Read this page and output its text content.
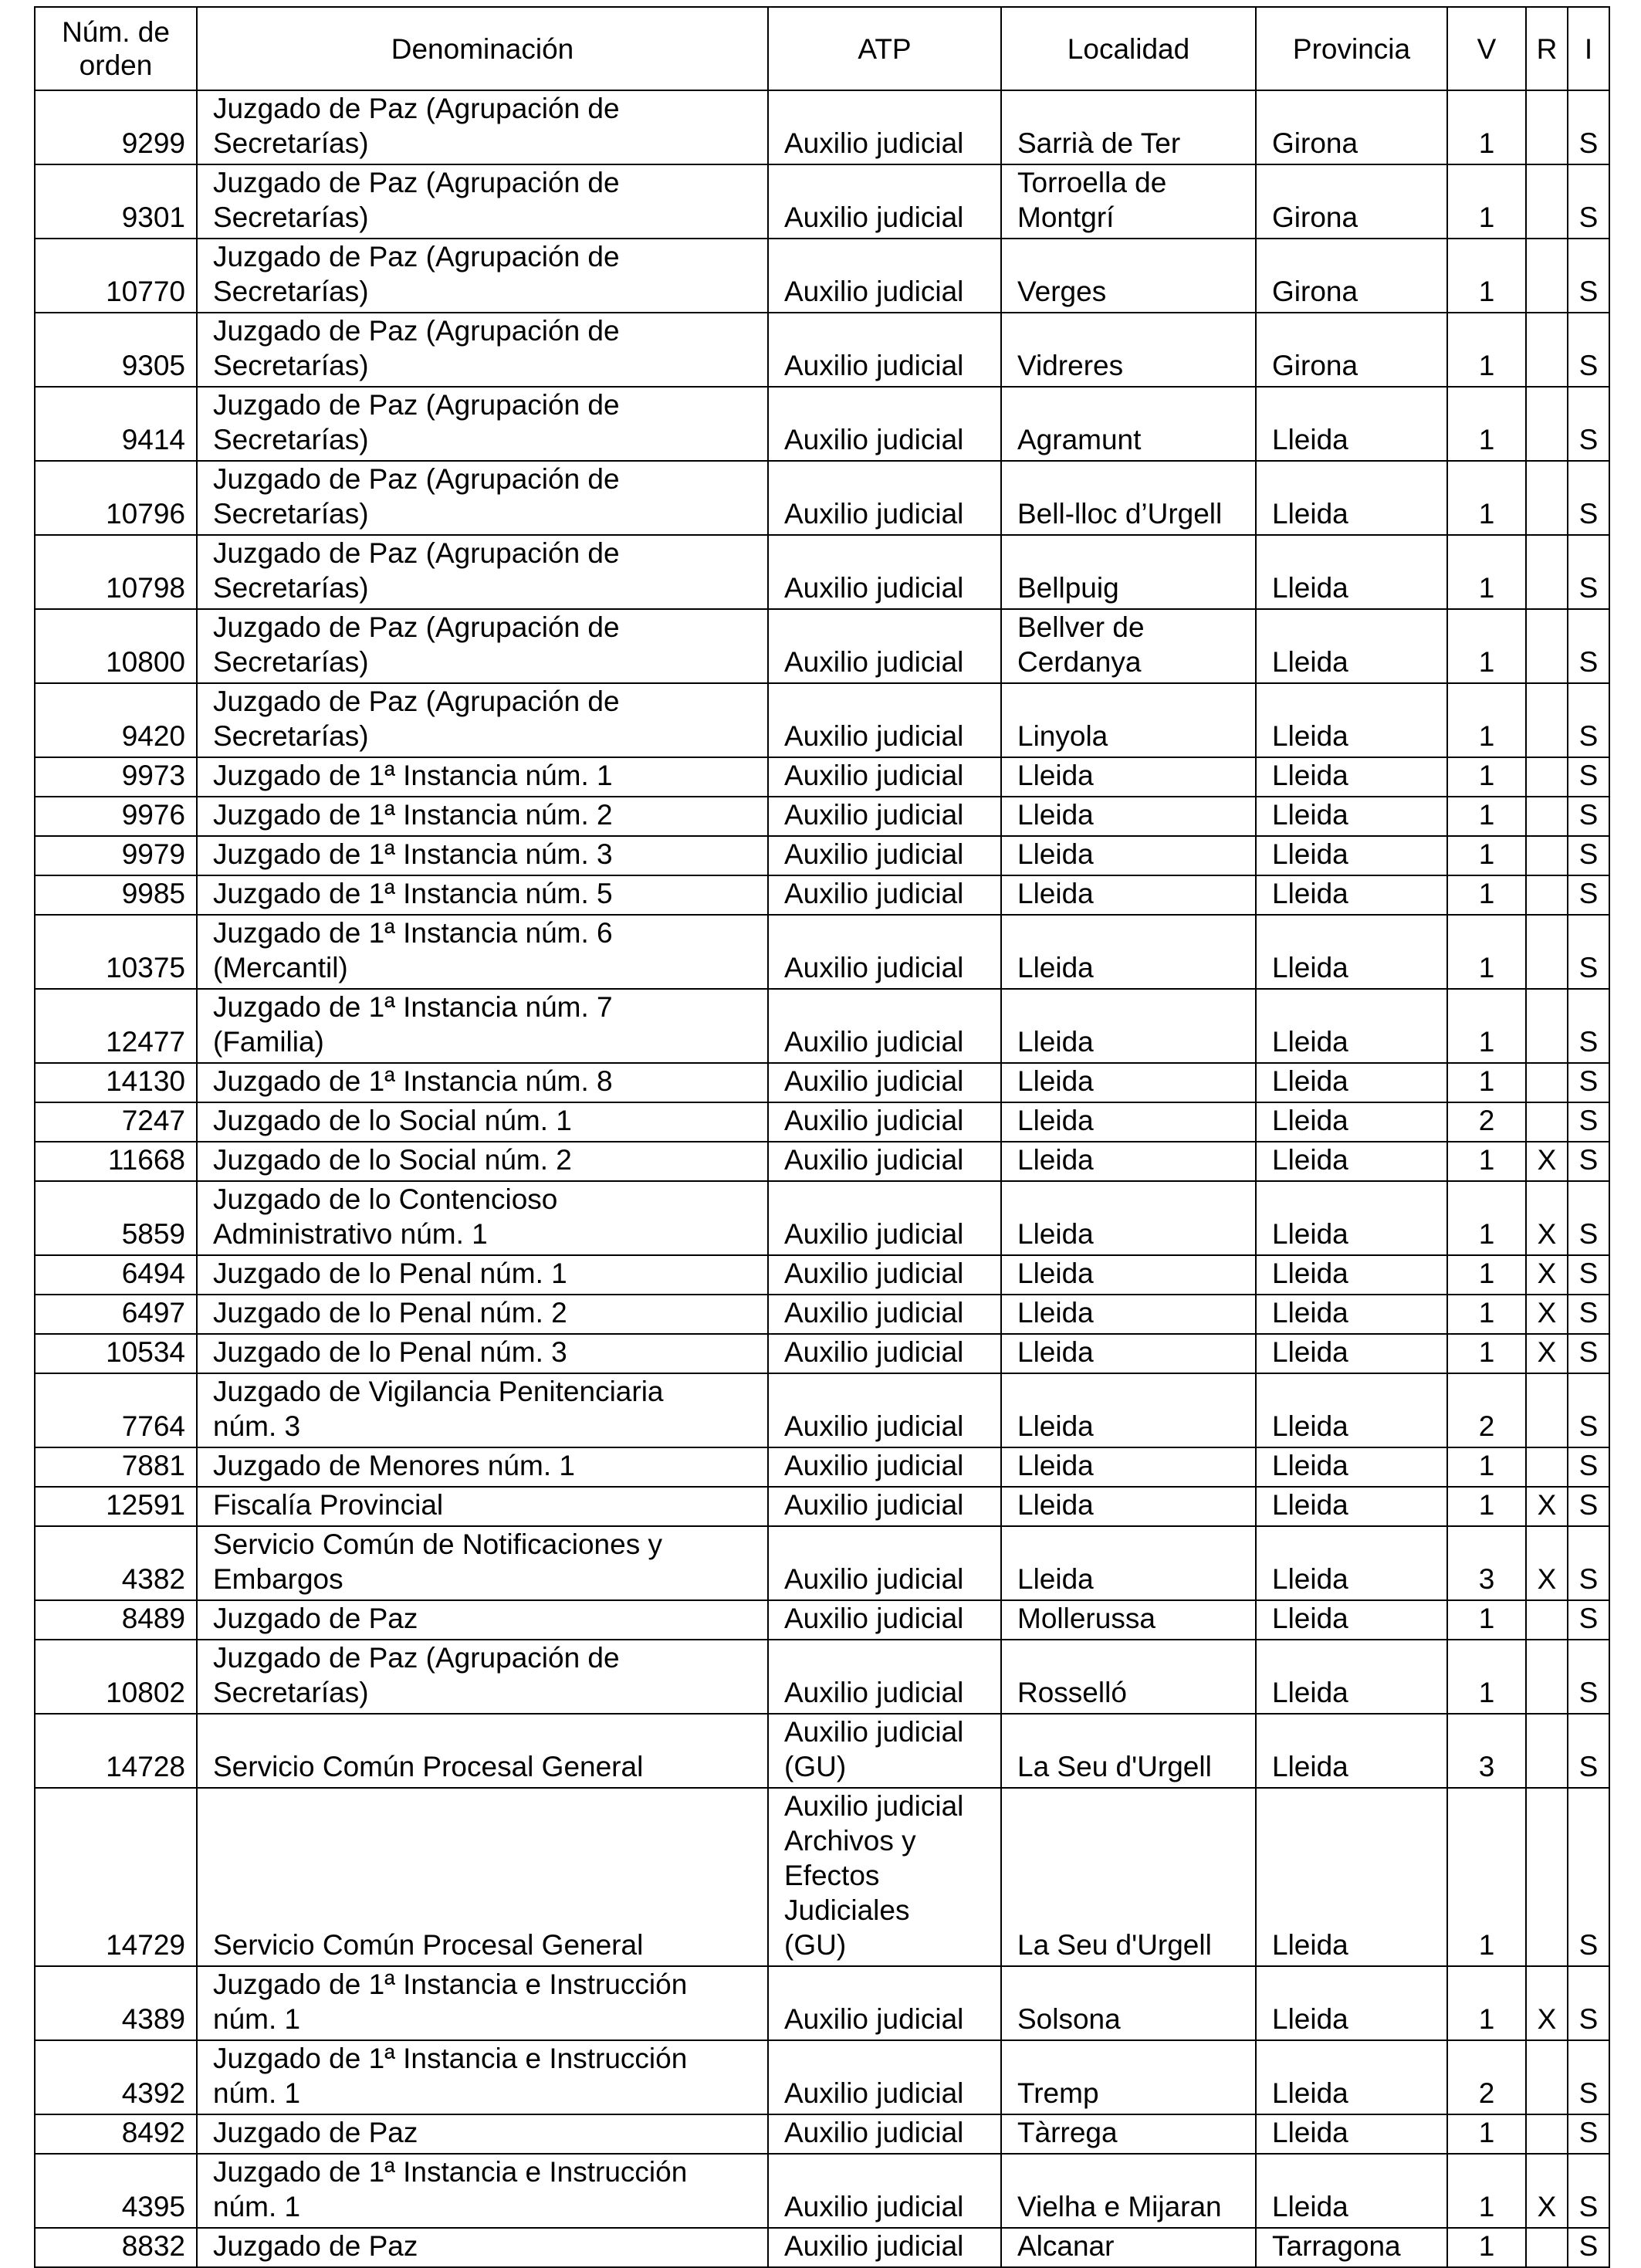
Núm. de
orden	Denominación	ATP	Localidad	Provincia	V	R	I
9299	Juzgado de Paz (Agrupación de
Secretarías)	Auxilio judicial	Sarrià de Ter	Girona	1		S
9301	Juzgado de Paz (Agrupación de
Secretarías)	Auxilio judicial	Torroella de
Montgrí	Girona	1		S
10770	Juzgado de Paz (Agrupación de
Secretarías)	Auxilio judicial	Verges	Girona	1		S
9305	Juzgado de Paz (Agrupación de
Secretarías)	Auxilio judicial	Vidreres	Girona	1		S
9414	Juzgado de Paz (Agrupación de
Secretarías)	Auxilio judicial	Agramunt	Lleida	1		S
10796	Juzgado de Paz (Agrupación de
Secretarías)	Auxilio judicial	Bell-lloc d’Urgell	Lleida	1		S
10798	Juzgado de Paz (Agrupación de
Secretarías)	Auxilio judicial	Bellpuig	Lleida	1		S
10800	Juzgado de Paz (Agrupación de
Secretarías)	Auxilio judicial	Bellver de
Cerdanya	Lleida	1		S
9420	Juzgado de Paz (Agrupación de
Secretarías)	Auxilio judicial	Linyola	Lleida	1		S
9973	Juzgado de 1ª Instancia núm. 1	Auxilio judicial	Lleida	Lleida	1		S
9976	Juzgado de 1ª Instancia núm. 2	Auxilio judicial	Lleida	Lleida	1		S
9979	Juzgado de 1ª Instancia núm. 3	Auxilio judicial	Lleida	Lleida	1		S
9985	Juzgado de 1ª Instancia núm. 5	Auxilio judicial	Lleida	Lleida	1		S
10375	Juzgado de 1ª Instancia núm. 6
(Mercantil)	Auxilio judicial	Lleida	Lleida	1		S
12477	Juzgado de 1ª Instancia núm. 7
(Familia)	Auxilio judicial	Lleida	Lleida	1		S
14130	Juzgado de 1ª Instancia núm. 8	Auxilio judicial	Lleida	Lleida	1		S
7247	Juzgado de lo Social núm. 1	Auxilio judicial	Lleida	Lleida	2		S
11668	Juzgado de lo Social núm. 2	Auxilio judicial	Lleida	Lleida	1	X	S
5859	Juzgado de lo Contencioso
Administrativo núm. 1	Auxilio judicial	Lleida	Lleida	1	X	S
6494	Juzgado de lo Penal núm. 1	Auxilio judicial	Lleida	Lleida	1	X	S
6497	Juzgado de lo Penal núm. 2	Auxilio judicial	Lleida	Lleida	1	X	S
10534	Juzgado de lo Penal núm. 3	Auxilio judicial	Lleida	Lleida	1	X	S
7764	Juzgado de Vigilancia Penitenciaria
núm. 3	Auxilio judicial	Lleida	Lleida	2		S
7881	Juzgado de Menores núm. 1	Auxilio judicial	Lleida	Lleida	1		S
12591	Fiscalía Provincial	Auxilio judicial	Lleida	Lleida	1	X	S
4382	Servicio Común de Notificaciones y
Embargos	Auxilio judicial	Lleida	Lleida	3	X	S
8489	Juzgado de Paz	Auxilio judicial	Mollerussa	Lleida	1		S
10802	Juzgado de Paz (Agrupación de
Secretarías)	Auxilio judicial	Rosselló	Lleida	1		S
14728	Servicio Común Procesal General	Auxilio judicial
(GU)	La Seu d'Urgell	Lleida	3		S
14729	Servicio Común Procesal General	Auxilio judicial
Archivos y
Efectos
Judiciales
(GU)	La Seu d'Urgell	Lleida	1		S
4389	Juzgado de 1ª Instancia e Instrucción
núm. 1	Auxilio judicial	Solsona	Lleida	1	X	S
4392	Juzgado de 1ª Instancia e Instrucción
núm. 1	Auxilio judicial	Tremp	Lleida	2		S
8492	Juzgado de Paz	Auxilio judicial	Tàrrega	Lleida	1		S
4395	Juzgado de 1ª Instancia e Instrucción
núm. 1	Auxilio judicial	Vielha e Mijaran	Lleida	1	X	S
8832	Juzgado de Paz	Auxilio judicial	Alcanar	Tarragona	1		S
